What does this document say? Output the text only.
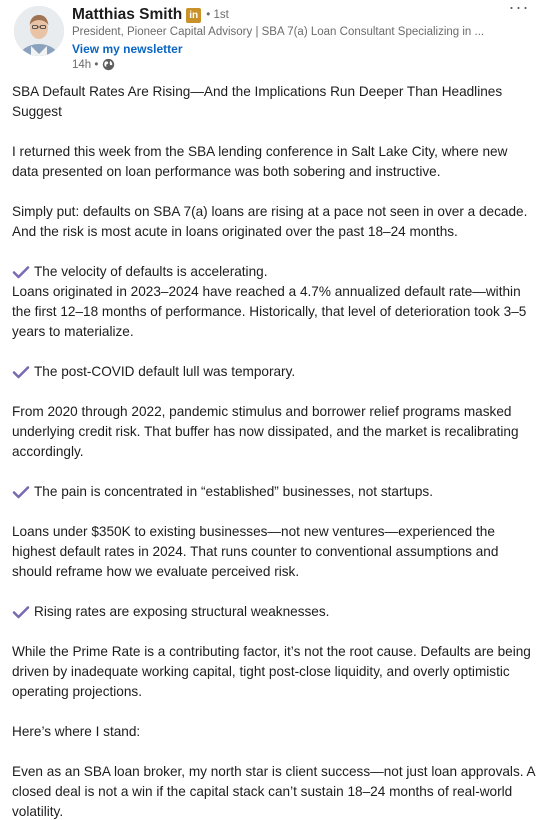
Matthias Smith in • 1st
President, Pioneer Capital Advisory | SBA 7(a) Loan Consultant Specializing in ...
View my newsletter
14h •
···

SBA Default Rates Are Rising—And the Implications Run Deeper Than Headlines Suggest

I returned this week from the SBA lending conference in Salt Lake City, where new data presented on loan performance was both sobering and instructive.

Simply put: defaults on SBA 7(a) loans are rising at a pace not seen in over a decade. And the risk is most acute in loans originated over the past 18–24 months.

The velocity of defaults is accelerating.

Loans originated in 2023–2024 have reached a 4.7% annualized default rate—within the first 12–18 months of performance. Historically, that level of deterioration took 3–5 years to materialize.

The post-COVID default lull was temporary.

From 2020 through 2022, pandemic stimulus and borrower relief programs masked underlying credit risk. That buffer has now dissipated, and the market is recalibrating accordingly.

The pain is concentrated in “established” businesses, not startups.

Loans under $350K to existing businesses—not new ventures—experienced the highest default rates in 2024. That runs counter to conventional assumptions and should reframe how we evaluate perceived risk.

Rising rates are exposing structural weaknesses.

While the Prime Rate is a contributing factor, it’s not the root cause. Defaults are being driven by inadequate working capital, tight post-close liquidity, and overly optimistic operating projections.

Here’s where I stand:

Even as an SBA loan broker, my north star is client success—not just loan approvals. A closed deal is not a win if the capital stack can’t sustain 18–24 months of real-world volatility.
